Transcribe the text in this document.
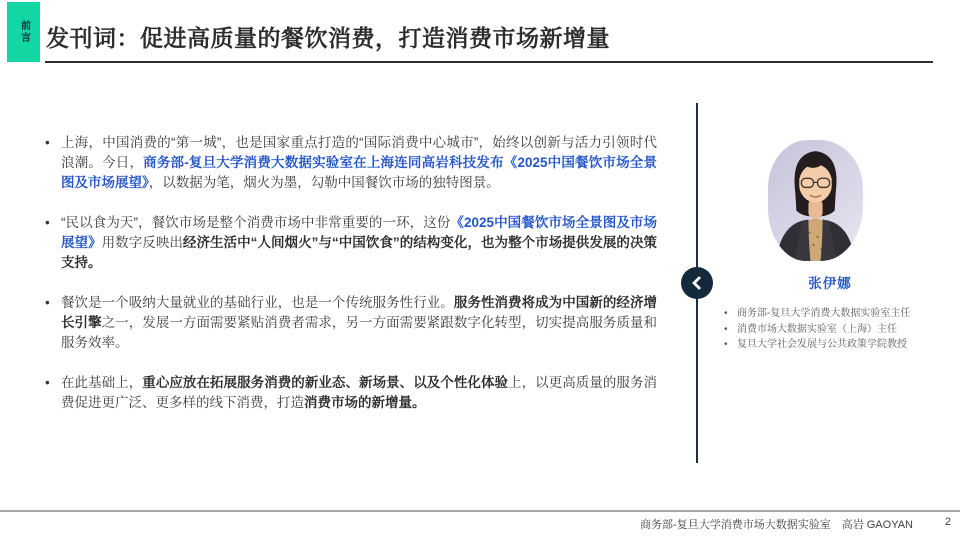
前言 发刊词：促进高质量的餐饮消费，打造消费市场新增量
• 上海，中国消费的“第一城”，也是国家重点打造的“国际消费中心城市”，始终以创新与活力引领时代浪潮。今日，商务部-复旦大学消费大数据实验室在上海连同高岩科技发布《2025中国餐饮市场全景图及市场展望》，以数据为笔，烟火为墨，勾勒中国餐饮市场的独特图景。
• “民以食为天”，餐饮市场是整个消费市场中非常重要的一环，这份《2025中国餐饮市场全景图及市场展望》用数字反映出经济生活中“人间烟火”与“中国饮食”的结构变化，也为整个市场提供发展的决策支持。
• 餐饮是一个吸纳大量就业的基础行业，也是一个传统服务性行业。服务性消费将成为中国新的经济增长引擎之一，发展一方面需要紧贴消费者需求，另一方面需要紧跟数字化转型，切实提高服务质量和服务效率。
• 在此基础上，重心应放在拓展服务消费的新业态、新场景、以及个性化体验上，以更高质量的服务消费促进更广泛、更多样的线下消费，打造消费市场的新增量。
张伊娜
• 商务部-复旦大学消费大数据实验室主任
• 消费市场大数据实验室（上海）主任
• 复旦大学社会发展与公共政策学院教授
商务部-复旦大学消费市场大数据实验室　高岩 GAOYAN	2
